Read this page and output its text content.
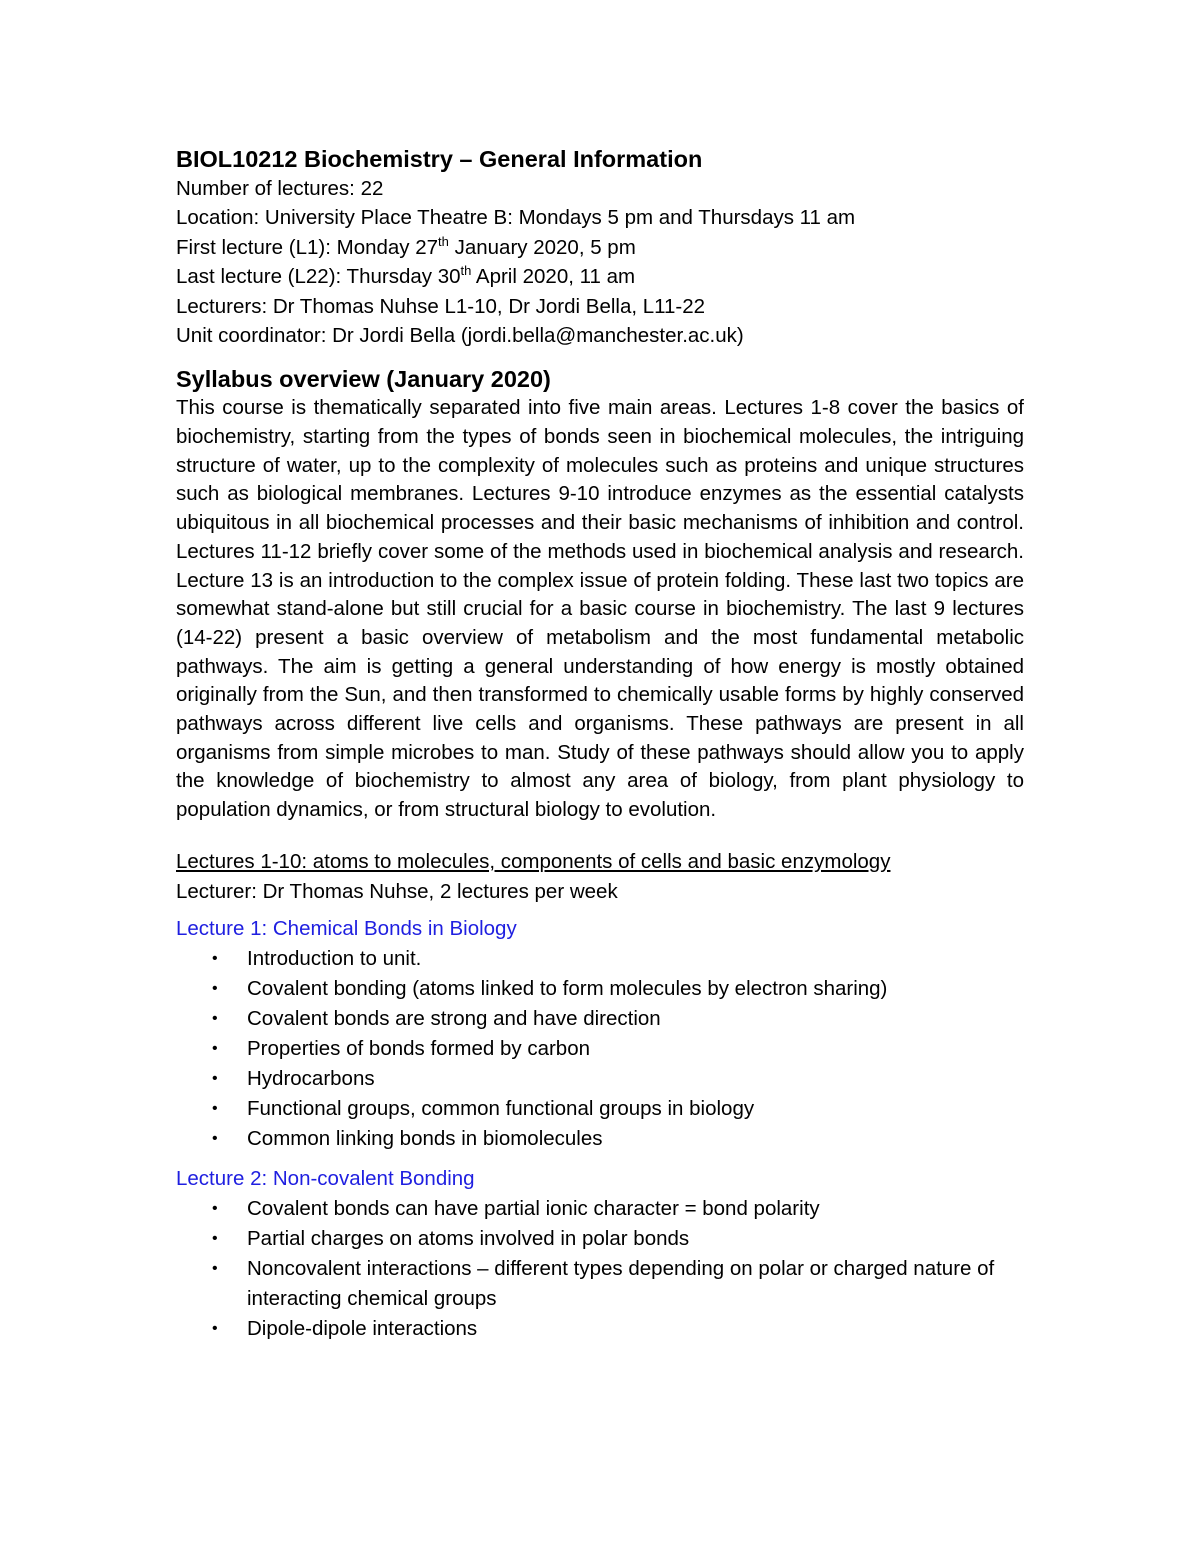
BIOL10212 Biochemistry – General Information
Number of lectures: 22
Location: University Place Theatre B: Mondays 5 pm and Thursdays 11 am
First lecture (L1): Monday 27th January 2020, 5 pm
Last lecture (L22): Thursday 30th April 2020, 11 am
Lecturers: Dr Thomas Nuhse L1-10, Dr Jordi Bella, L11-22
Unit coordinator: Dr Jordi Bella (jordi.bella@manchester.ac.uk)
Syllabus overview (January 2020)
This course is thematically separated into five main areas. Lectures 1-8 cover the basics of biochemistry, starting from the types of bonds seen in biochemical molecules, the intriguing structure of water, up to the complexity of molecules such as proteins and unique structures such as biological membranes. Lectures 9-10 introduce enzymes as the essential catalysts ubiquitous in all biochemical processes and their basic mechanisms of inhibition and control. Lectures 11-12 briefly cover some of the methods used in biochemical analysis and research. Lecture 13 is an introduction to the complex issue of protein folding. These last two topics are somewhat stand-alone but still crucial for a basic course in biochemistry. The last 9 lectures (14-22) present a basic overview of metabolism and the most fundamental metabolic pathways. The aim is getting a general understanding of how energy is mostly obtained originally from the Sun, and then transformed to chemically usable forms by highly conserved pathways across different live cells and organisms. These pathways are present in all organisms from simple microbes to man. Study of these pathways should allow you to apply the knowledge of biochemistry to almost any area of biology, from plant physiology to population dynamics, or from structural biology to evolution.
Lectures 1-10: atoms to molecules, components of cells and basic enzymology
Lecturer: Dr Thomas Nuhse, 2 lectures per week
Lecture 1: Chemical Bonds in Biology
• Introduction to unit.
• Covalent bonding (atoms linked to form molecules by electron sharing)
• Covalent bonds are strong and have direction
• Properties of bonds formed by carbon
• Hydrocarbons
• Functional groups, common functional groups in biology
• Common linking bonds in biomolecules
Lecture 2: Non-covalent Bonding
• Covalent bonds can have partial ionic character = bond polarity
• Partial charges on atoms involved in polar bonds
• Noncovalent interactions – different types depending on polar or charged nature of interacting chemical groups
• Dipole-dipole interactions
